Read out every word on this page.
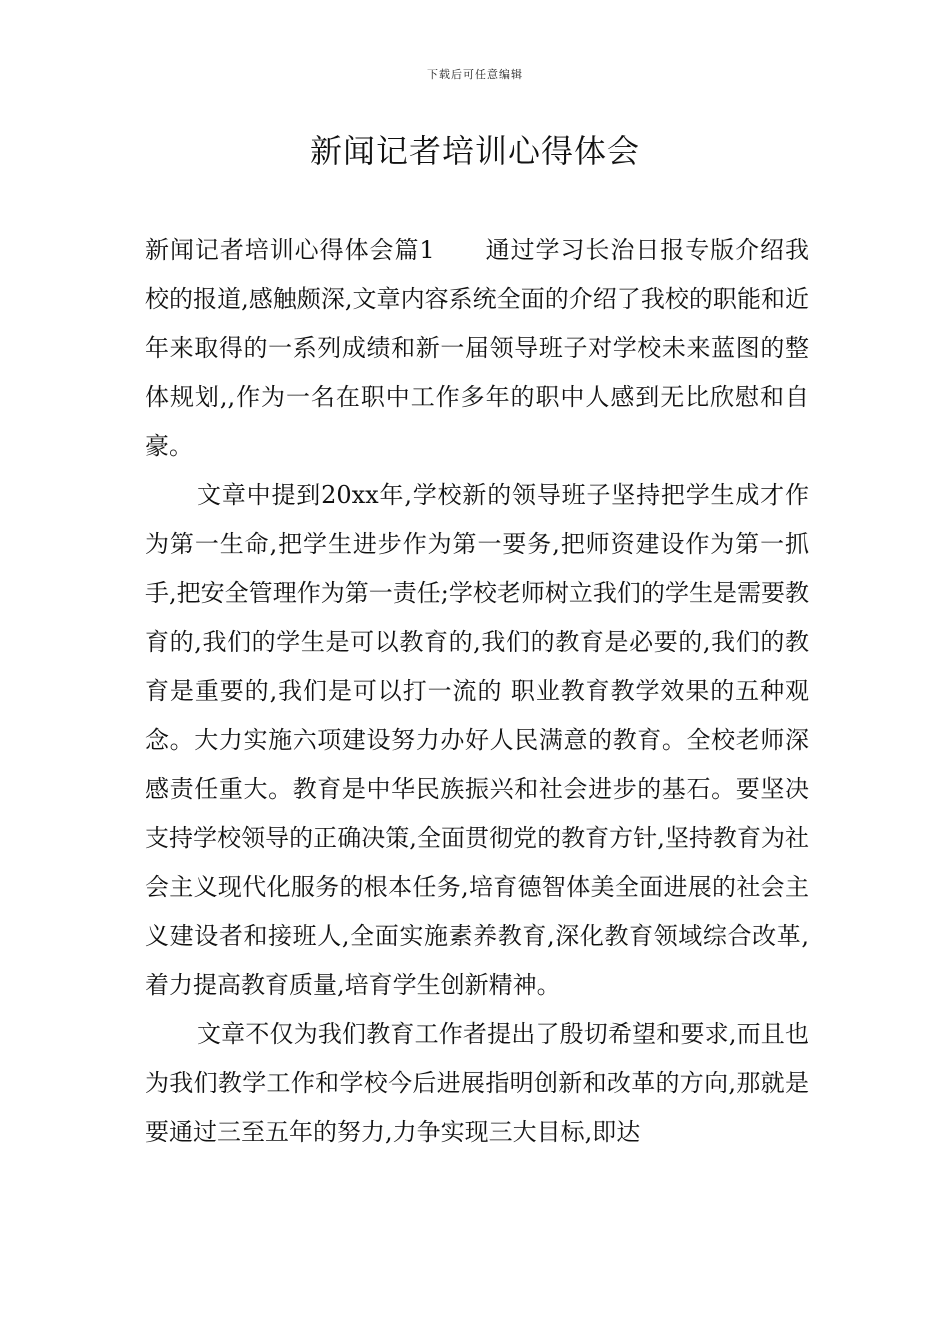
下载后可任意编辑
新闻记者培训心得体会

新闻记者培训心得体会篇1 通过学习长治日报专版介绍我校的报道,感触颇深,文章内容系统全面的介绍了我校的职能和近年来取得的一系列成绩和新一届领导班子对学校未来蓝图的整体规划,,作为一名在职中工作多年的职中人感到无比欣慰和自豪。

文章中提到20xx年,学校新的领导班子坚持把学生成才作为第一生命,把学生进步作为第一要务,把师资建设作为第一抓手,把安全管理作为第一责任;学校老师树立我们的学生是需要教育的,我们的学生是可以教育的,我们的教育是必要的,我们的教育是重要的,我们是可以打一流的 职业教育教学效果的五种观念。大力实施六项建设努力办好人民满意的教育。全校老师深感责任重大。教育是中华民族振兴和社会进步的基石。要坚决支持学校领导的正确决策,全面贯彻党的教育方针,坚持教育为社会主义现代化服务的根本任务,培育德智体美全面进展的社会主义建设者和接班人,全面实施素养教育,深化教育领域综合改革,着力提高教育质量,培育学生创新精神。

文章不仅为我们教育工作者提出了殷切希望和要求,而且也为我们教学工作和学校今后进展指明创新和改革的方向,那就是要通过三至五年的努力,力争实现三大目标,即达
